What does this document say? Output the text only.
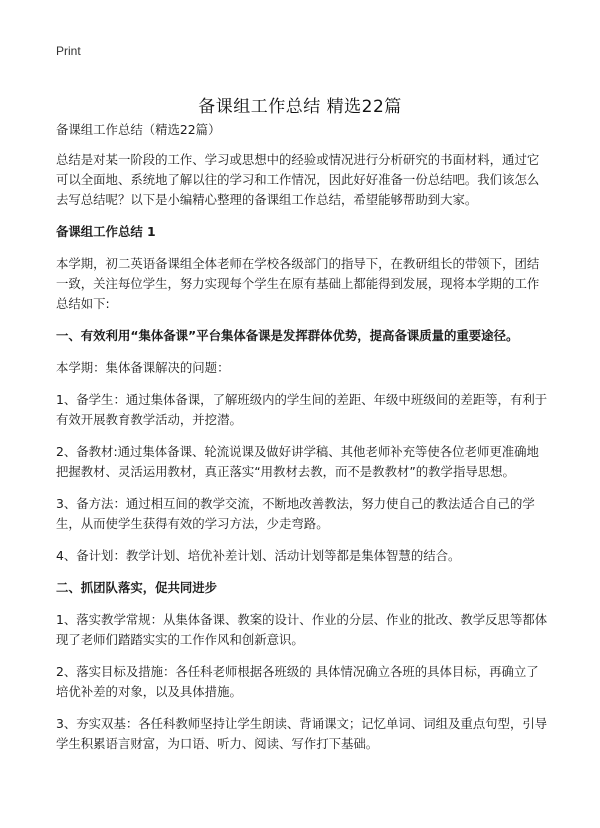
Print
备课组工作总结 精选22篇

备课组工作总结（精选22篇）

总结是对某一阶段的工作、学习或思想中的经验或情况进行分析研究的书面材料，通过它可以全面地、系统地了解以往的学习和工作情况，因此好好准备一份总结吧。我们该怎么去写总结呢？以下是小编精心整理的备课组工作总结，希望能够帮助到大家。

备课组工作总结 1

本学期，初二英语备课组全体老师在学校各级部门的指导下，在教研组长的带领下，团结一致，关注每位学生，努力实现每个学生在原有基础上都能得到发展，现将本学期的工作总结如下:

一、有效利用“集体备课”平台集体备课是发挥群体优势，提高备课质量的重要途径。

本学期：集体备课解决的问题：

1、备学生：通过集体备课，了解班级内的学生间的差距、年级中班级间的差距等，有利于有效开展教育教学活动，并挖潜。

2、备教材:通过集体备课、轮流说课及做好讲学稿、其他老师补充等使各位老师更准确地把握教材、灵活运用教材，真正落实“用教材去教，而不是教教材”的教学指导思想。

3、备方法：通过相互间的教学交流，不断地改善教法，努力使自己的教法适合自己的学生，从而使学生获得有效的学习方法，少走弯路。

4、备计划：教学计划、培优补差计划、活动计划等都是集体智慧的结合。

二、抓团队落实，促共同进步

1、落实教学常规：从集体备课、教案的设计、作业的分层、作业的批改、教学反思等都体现了老师们踏踏实实的工作作风和创新意识。

2、落实目标及措施：各任科老师根据各班级的 具体情况确立各班的具体目标，再确立了培优补差的对象，以及具体措施。

3、夯实双基：各任科教师坚持让学生朗读、背诵课文；记忆单词、词组及重点句型，引导学生积累语言财富，为口语、听力、阅读、写作打下基础。
